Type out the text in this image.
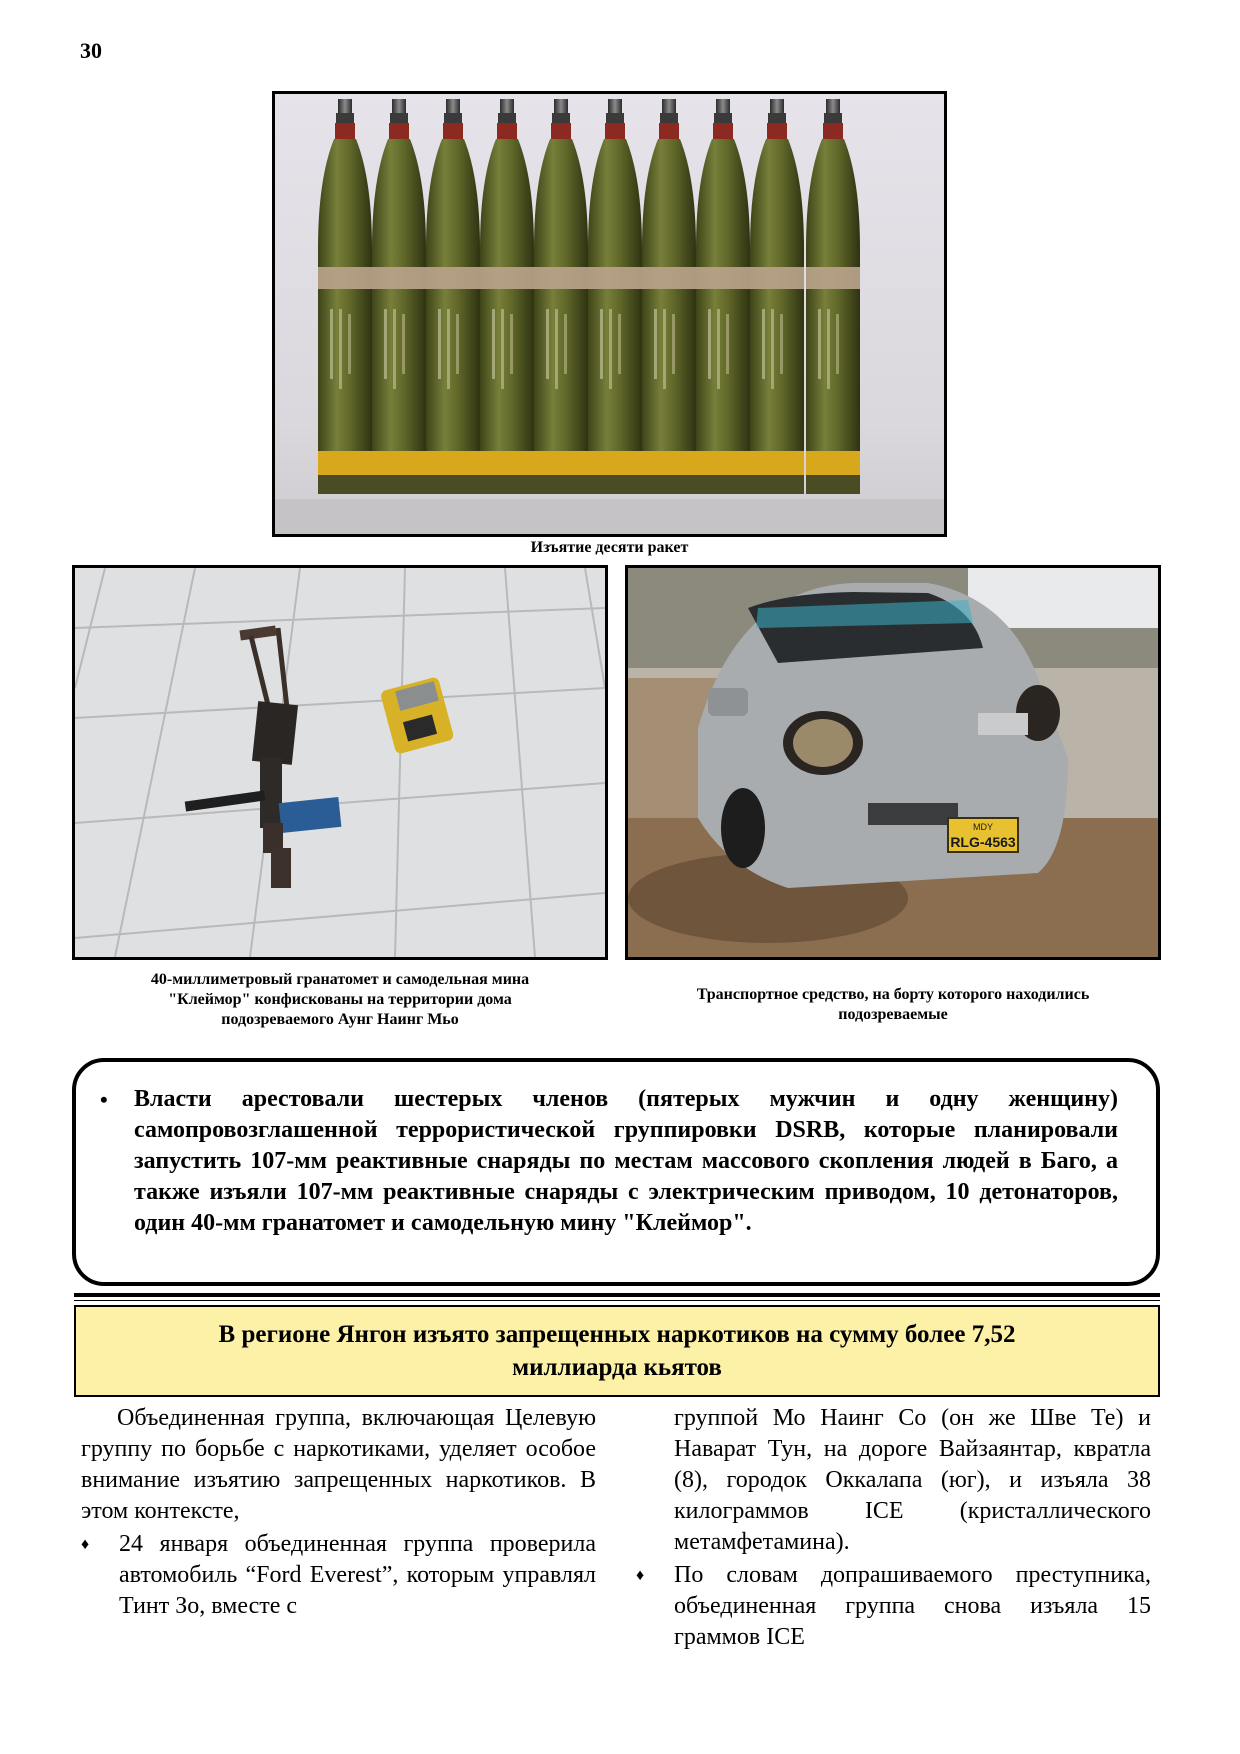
30
Изъятие десяти ракет
40-миллиметровый гранатомет и самодельная мина
"Клеймор" конфискованы на территории дома
подозреваемого Аунг Наинг Мьо
MDY
RLG-4563
Транспортное средство, на борту которого находились
подозреваемые
• Власти арестовали шестерых членов (пятерых мужчин и одну женщину) самопровозглашенной террористической группировки DSRB, которые планировали запустить 107-мм реактивные снаряды по местам массового скопления людей в Баго, а также изъяли 107-мм реактивные снаряды с электрическим приводом, 10 детонаторов, один 40-мм гранатомет и самодельную мину "Клеймор".
В регионе Янгон изъято запрещенных наркотиков на сумму более 7,52
миллиарда кьятов

Объединенная группа, включающая Целевую группу по борьбе с наркотиками, уделяет особое внимание изъятию запрещенных наркотиков. В этом контексте,

♦ 24 января объединенная группа проверила автомобиль “Ford Everest”, которым управлял Тинт Зо, вместе с

группой Мо Наинг Со (он же Шве Те) и Наварат Тун, на дороге Вайзаянтар, квратла (8), городок Оккалапа (юг), и изъяла 38 килограммов ICE (кристаллического метамфетамина).

♦ По словам допрашиваемого преступника, объединенная группа снова изъяла 15 граммов ICE
